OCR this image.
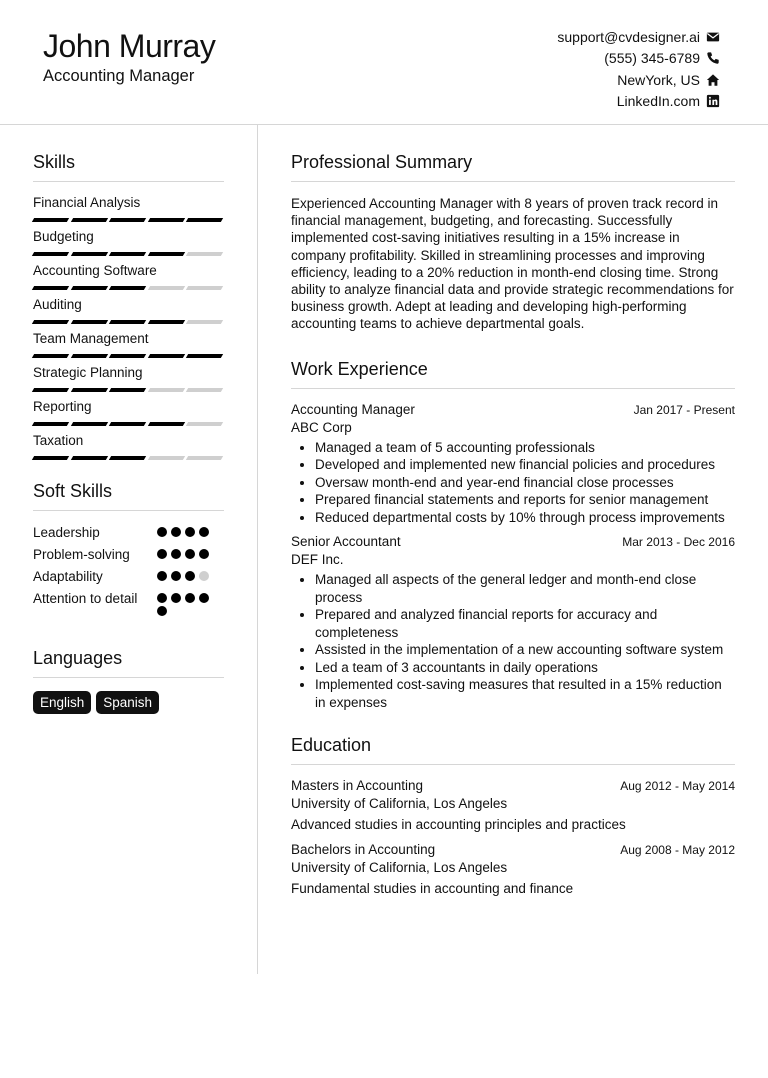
John Murray
Accounting Manager
support@cvdesigner.ai
(555) 345-6789
NewYork, US
LinkedIn.com
Skills
Financial Analysis
Budgeting
Accounting Software
Auditing
Team Management
Strategic Planning
Reporting
Taxation
Soft Skills
Leadership
Problem-solving
Adaptability
Attention to detail
Languages
English	Spanish
Professional Summary

Experienced Accounting Manager with 8 years of proven track record in financial management, budgeting, and forecasting. Successfully implemented cost-saving initiatives resulting in a 15% increase in company profitability. Skilled in streamlining processes and improving efficiency, leading to a 20% reduction in month-end closing time. Strong ability to analyze financial data and provide strategic recommendations for business growth. Adept at leading and developing high-performing accounting teams to achieve departmental goals.

Work Experience
Accounting Manager	Jan 2017 - Present
ABC Corp
• Managed a team of 5 accounting professionals
• Developed and implemented new financial policies and procedures
• Oversaw month-end and year-end financial close processes
• Prepared financial statements and reports for senior management
• Reduced departmental costs by 10% through process improvements
Senior Accountant	Mar 2013 - Dec 2016
DEF Inc.
• Managed all aspects of the general ledger and month-end close process
• Prepared and analyzed financial reports for accuracy and completeness
• Assisted in the implementation of a new accounting software system
• Led a team of 3 accountants in daily operations
• Implemented cost-saving measures that resulted in a 15% reduction in expenses
Education
Masters in Accounting	Aug 2012 - May 2014
University of California, Los Angeles
Advanced studies in accounting principles and practices
Bachelors in Accounting	Aug 2008 - May 2012
University of California, Los Angeles
Fundamental studies in accounting and finance
